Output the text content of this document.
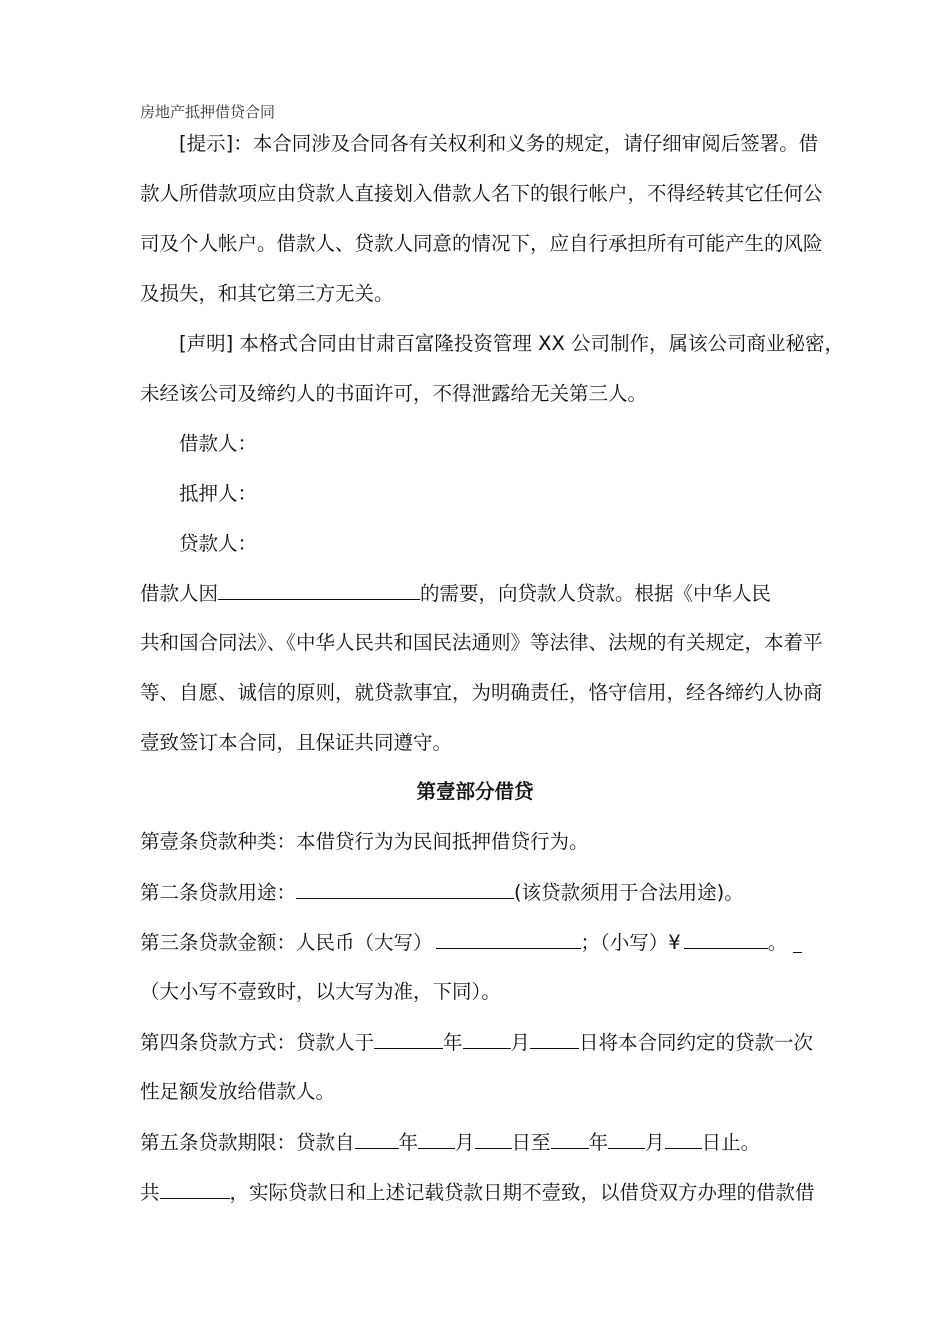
房地产抵押借贷合同

[提示]：本合同涉及合同各有关权利和义务的规定，请仔细审阅后签署。借

款人所借款项应由贷款人直接划入借款人名下的银行帐户，不得经转其它任何公

司及个人帐户。借款人、贷款人同意的情况下，应自行承担所有可能产生的风险

及损失，和其它第三方无关。

[声明] 本格式合同由甘肃百富隆投资管理 XX 公司制作，属该公司商业秘密，

未经该公司及缔约人的书面许可，不得泄露给无关第三人。

借款人：

抵押人：

贷款人：

借款人因	的需要，向贷款人贷款。根据《中华人民

共和国合同法》、《中华人民共和国民法通则》等法律、法规的有关规定，本着平

等、自愿、诚信的原则，就贷款事宜，为明确责任，恪守信用，经各缔约人协商

壹致签订本合同，且保证共同遵守。

第壹部分借贷

第壹条贷款种类：本借贷行为为民间抵押借贷行为。

第二条贷款用途：	(该贷款须用于合法用途)。

第三条贷款金额：人民币（大写）	；（小写）¥	。

（大小写不壹致时，以大写为准，下同）。

第四条贷款方式：贷款人于	年 月	日将本合同约定的贷款一次

性足额发放给借款人。

第五条贷款期限：贷款自 年 月 日至 年 月 日止。

共	，实际贷款日和上述记载贷款日期不壹致，以借贷双方办理的借款借
